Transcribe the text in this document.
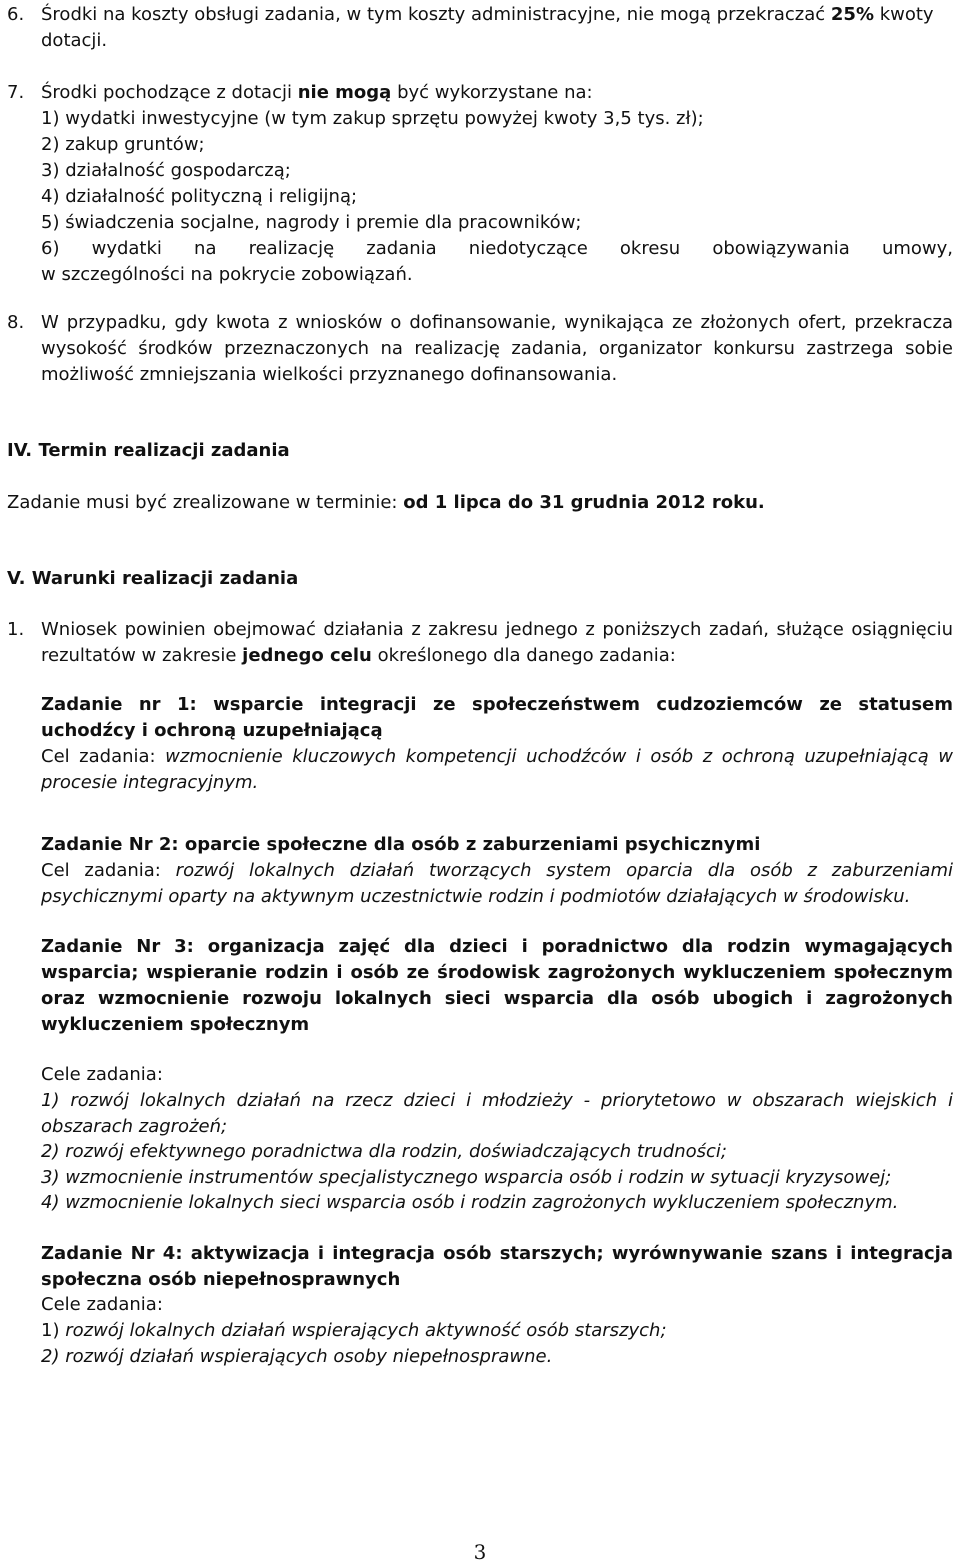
6. Środki na koszty obsługi zadania, w tym koszty administracyjne, nie mogą przekraczać 25% kwoty dotacji.
7. Środki pochodzące z dotacji nie mogą być wykorzystane na:
1) wydatki inwestycyjne (w tym zakup sprzętu powyżej kwoty 3,5 tys. zł);
2) zakup gruntów;
3) działalność gospodarczą;
4) działalność polityczną i religijną;
5) świadczenia socjalne, nagrody i premie dla pracowników;
6) wydatki na realizację zadania niedotyczące okresu obowiązywania umowy,
w szczególności na pokrycie zobowiązań.
8. W przypadku, gdy kwota z wniosków o dofinansowanie, wynikająca ze złożonych ofert, przekracza wysokość środków przeznaczonych na realizację zadania, organizator konkursu zastrzega sobie możliwość zmniejszania wielkości przyznanego dofinansowania.
IV. Termin realizacji zadania
Zadanie musi być zrealizowane w terminie: od 1 lipca do 31 grudnia 2012 roku.
V. Warunki realizacji zadania
1. Wniosek powinien obejmować działania z zakresu jednego z poniższych zadań, służące osiągnięciu rezultatów w zakresie jednego celu określonego dla danego zadania:
Zadanie nr 1: wsparcie integracji ze społeczeństwem cudzoziemców ze statusem uchodźcy i ochroną uzupełniającą
Cel zadania: wzmocnienie kluczowych kompetencji uchodźców i osób z ochroną uzupełniającą w procesie integracyjnym.
Zadanie Nr 2: oparcie społeczne dla osób z zaburzeniami psychicznymi
Cel zadania: rozwój lokalnych działań tworzących system oparcia dla osób z zaburzeniami psychicznymi oparty na aktywnym uczestnictwie rodzin i podmiotów działających w środowisku.
Zadanie Nr 3: organizacja zajęć dla dzieci i poradnictwo dla rodzin wymagających wsparcia; wspieranie rodzin i osób ze środowisk zagrożonych wykluczeniem społecznym oraz wzmocnienie rozwoju lokalnych sieci wsparcia dla osób ubogich i zagrożonych wykluczeniem społecznym
Cele zadania:
1) rozwój lokalnych działań na rzecz dzieci i młodzieży - priorytetowo w obszarach wiejskich i obszarach zagrożeń;
2) rozwój efektywnego poradnictwa dla rodzin, doświadczających trudności;
3) wzmocnienie instrumentów specjalistycznego wsparcia osób i rodzin w sytuacji kryzysowej;
4) wzmocnienie lokalnych sieci wsparcia osób i rodzin zagrożonych wykluczeniem społecznym.
Zadanie Nr 4: aktywizacja i integracja osób starszych; wyrównywanie szans i integracja społeczna osób niepełnosprawnych
Cele zadania:
1) rozwój lokalnych działań wspierających aktywność osób starszych;
2) rozwój działań wspierających osoby niepełnosprawne.
3
